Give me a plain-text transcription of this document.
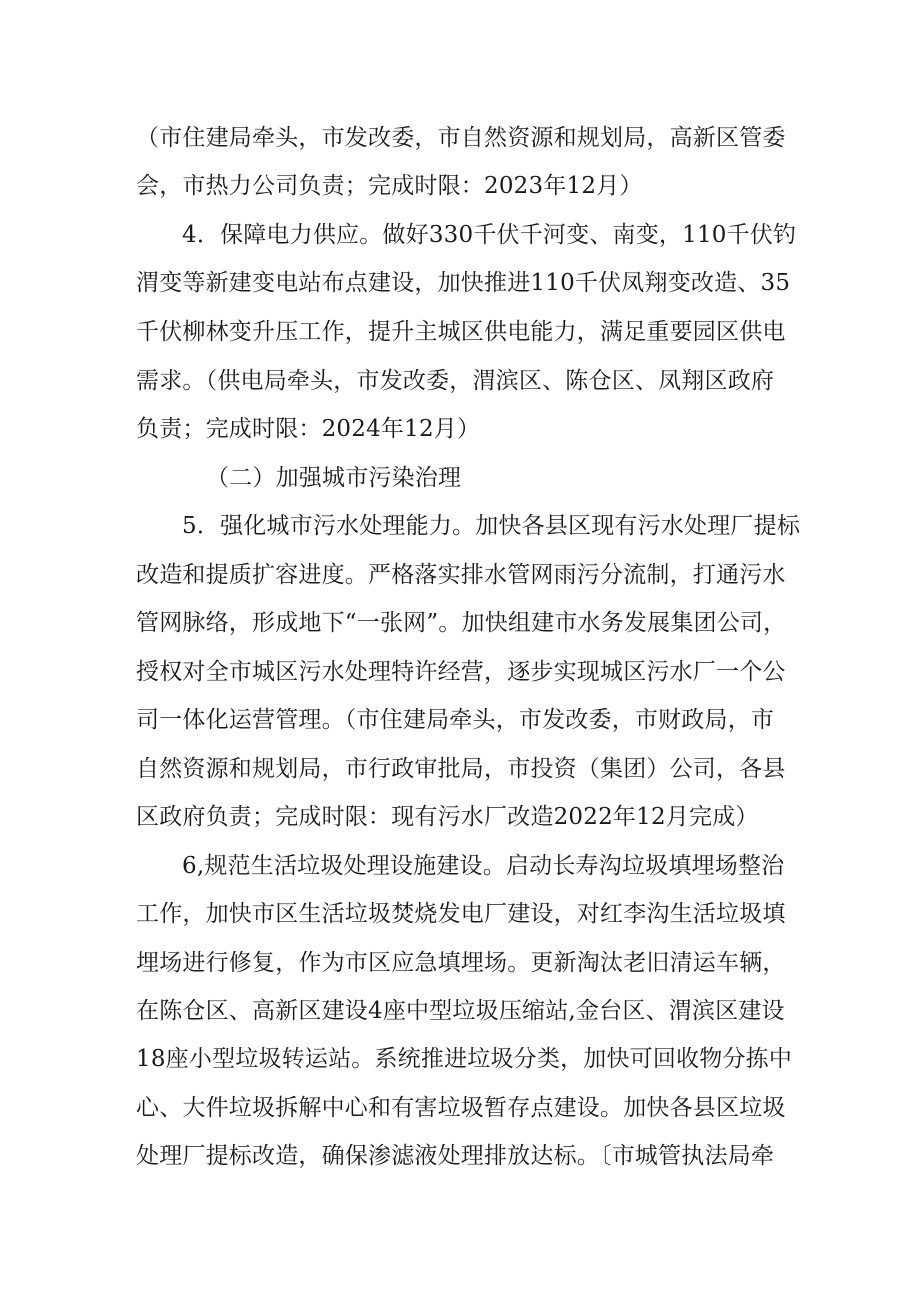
（市住建局牵头，市发改委，市自然资源和规划局，高新区管委
会，市热力公司负责；完成时限：2023年12月）
4．保障电力供应。做好330千伏千河变、南变，110千伏钓
渭变等新建变电站布点建设，加快推进110千伏凤翔变改造、35
千伏柳林变升压工作，提升主城区供电能力，满足重要园区供电
需求。（供电局牵头，市发改委，渭滨区、陈仓区、凤翔区政府
负责；完成时限：2024年12月）
（二）加强城市污染治理
5．强化城市污水处理能力。加快各县区现有污水处理厂提标
改造和提质扩容进度。严格落实排水管网雨污分流制，打通污水
管网脉络，形成地下“一张网”。加快组建市水务发展集团公司，
授权对全市城区污水处理特许经营，逐步实现城区污水厂一个公
司一体化运营管理。（市住建局牵头，市发改委，市财政局，市
自然资源和规划局，市行政审批局，市投资（集团）公司，各县
区政府负责；完成时限：现有污水厂改造2022年12月完成）
6,规范生活垃圾处理设施建设。启动长寿沟垃圾填埋场整治
工作，加快市区生活垃圾焚烧发电厂建设，对红李沟生活垃圾填
埋场进行修复，作为市区应急填埋场。更新淘汰老旧清运车辆，
在陈仓区、高新区建设4座中型垃圾压缩站,金台区、渭滨区建设
18座小型垃圾转运站。系统推进垃圾分类，加快可回收物分拣中
心、大件垃圾拆解中心和有害垃圾暂存点建设。加快各县区垃圾
处理厂提标改造，确保渗滤液处理排放达标。〔市城管执法局牵
